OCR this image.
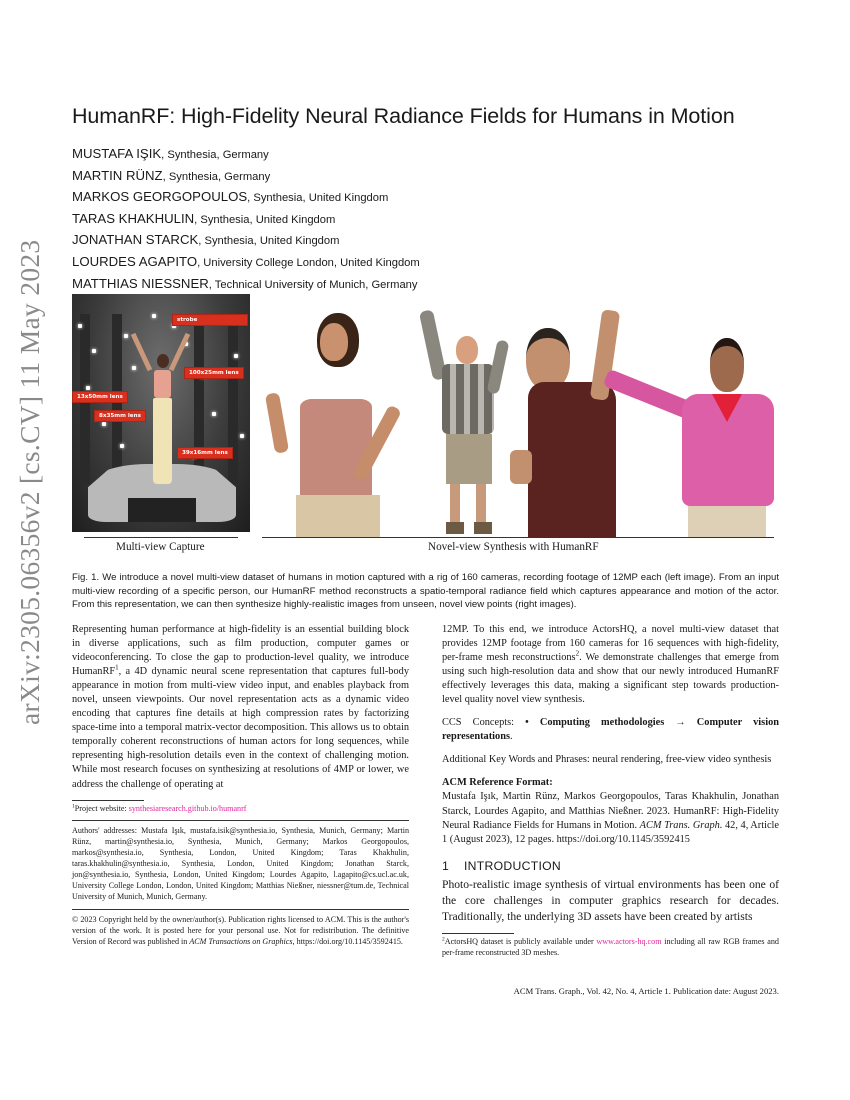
arXiv:2305.06356v2 [cs.CV] 11 May 2023
HumanRF: High-Fidelity Neural Radiance Fields for Humans in Motion
MUSTAFA IŞIK, Synthesia, Germany
MARTIN RÜNZ, Synthesia, Germany
MARKOS GEORGOPOULOS, Synthesia, United Kingdom
TARAS KHAKHULIN, Synthesia, United Kingdom
JONATHAN STARCK, Synthesia, United Kingdom
LOURDES AGAPITO, University College London, United Kingdom
MATTHIAS NIESSNER, Technical University of Munich, Germany
strobe
100x25mm lens
13x50mm lens
8x35mm lens
39x16mm lens
Multi-view Capture	Novel-view Synthesis with HumanRF
Fig. 1. We introduce a novel multi-view dataset of humans in motion captured with a rig of 160 cameras, recording footage of 12MP each (left image). From an input multi-view recording of a specific person, our HumanRF method reconstructs a spatio-temporal radiance field which captures appearance and motion of the actor. From this representation, we can then synthesize highly-realistic images from unseen, novel view points (right images).

Representing human performance at high-fidelity is an essential building block in diverse applications, such as film production, computer games or videoconferencing. To close the gap to production-level quality, we introduce HumanRF$^1$, a 4D dynamic neural scene representation that captures full-body appearance in motion from multi-view video input, and enables playback from novel, unseen viewpoints. Our novel representation acts as a dynamic video encoding that captures fine details at high compression rates by factorizing space-time into a temporal matrix-vector decomposition. This allows us to obtain temporally coherent reconstructions of human actors for long sequences, while representing high-resolution details even in the context of challenging motion. While most research focuses on synthesizing at resolutions of 4MP or lower, we address the challenge of operating at

$^1$Project website: synthesiaresearch.github.io/humanrf

Authors' addresses: Mustafa Işık, mustafa.isik@synthesia.io, Synthesia, Munich, Germany; Martin Rünz, martin@synthesia.io, Synthesia, Munich, Germany; Markos Georgopoulos, markos@synthesia.io, Synthesia, London, United Kingdom; Taras Khakhulin, taras.khakhulin@synthesia.io, Synthesia, London, United Kingdom; Jonathan Starck, jon@synthesia.io, Synthesia, London, United Kingdom; Lourdes Agapito, l.agapito@cs.ucl.ac.uk, University College London, London, United Kingdom; Matthias Nießner, niessner@tum.de, Technical University of Munich, Munich, Germany.

© 2023 Copyright held by the owner/author(s). Publication rights licensed to ACM. This is the author's version of the work. It is posted here for your personal use. Not for redistribution. The definitive Version of Record was published in ACM Transactions on Graphics, https://doi.org/10.1145/3592415.

12MP. To this end, we introduce ActorsHQ, a novel multi-view dataset that provides 12MP footage from 160 cameras for 16 sequences with high-fidelity, per-frame mesh reconstructions$^2$. We demonstrate challenges that emerge from using such high-resolution data and show that our newly introduced HumanRF effectively leverages this data, making a significant step towards production-level quality novel view synthesis.

CCS Concepts: • Computing methodologies → Computer vision representations.

Additional Key Words and Phrases: neural rendering, free-view video synthesis

ACM Reference Format:

Mustafa Işık, Martin Rünz, Markos Georgopoulos, Taras Khakhulin, Jonathan Starck, Lourdes Agapito, and Matthias Nießner. 2023. HumanRF: High-Fidelity Neural Radiance Fields for Humans in Motion. ACM Trans. Graph. 42, 4, Article 1 (August 2023), 12 pages. https://doi.org/10.1145/3592415

1 INTRODUCTION

Photo-realistic image synthesis of virtual environments has been one of the core challenges in computer graphics research for decades. Traditionally, the underlying 3D assets have been created by artists

$^2$ActorsHQ dataset is publicly available under www.actors-hq.com including all raw RGB frames and per-frame reconstructed 3D meshes.

ACM Trans. Graph., Vol. 42, No. 4, Article 1. Publication date: August 2023.
